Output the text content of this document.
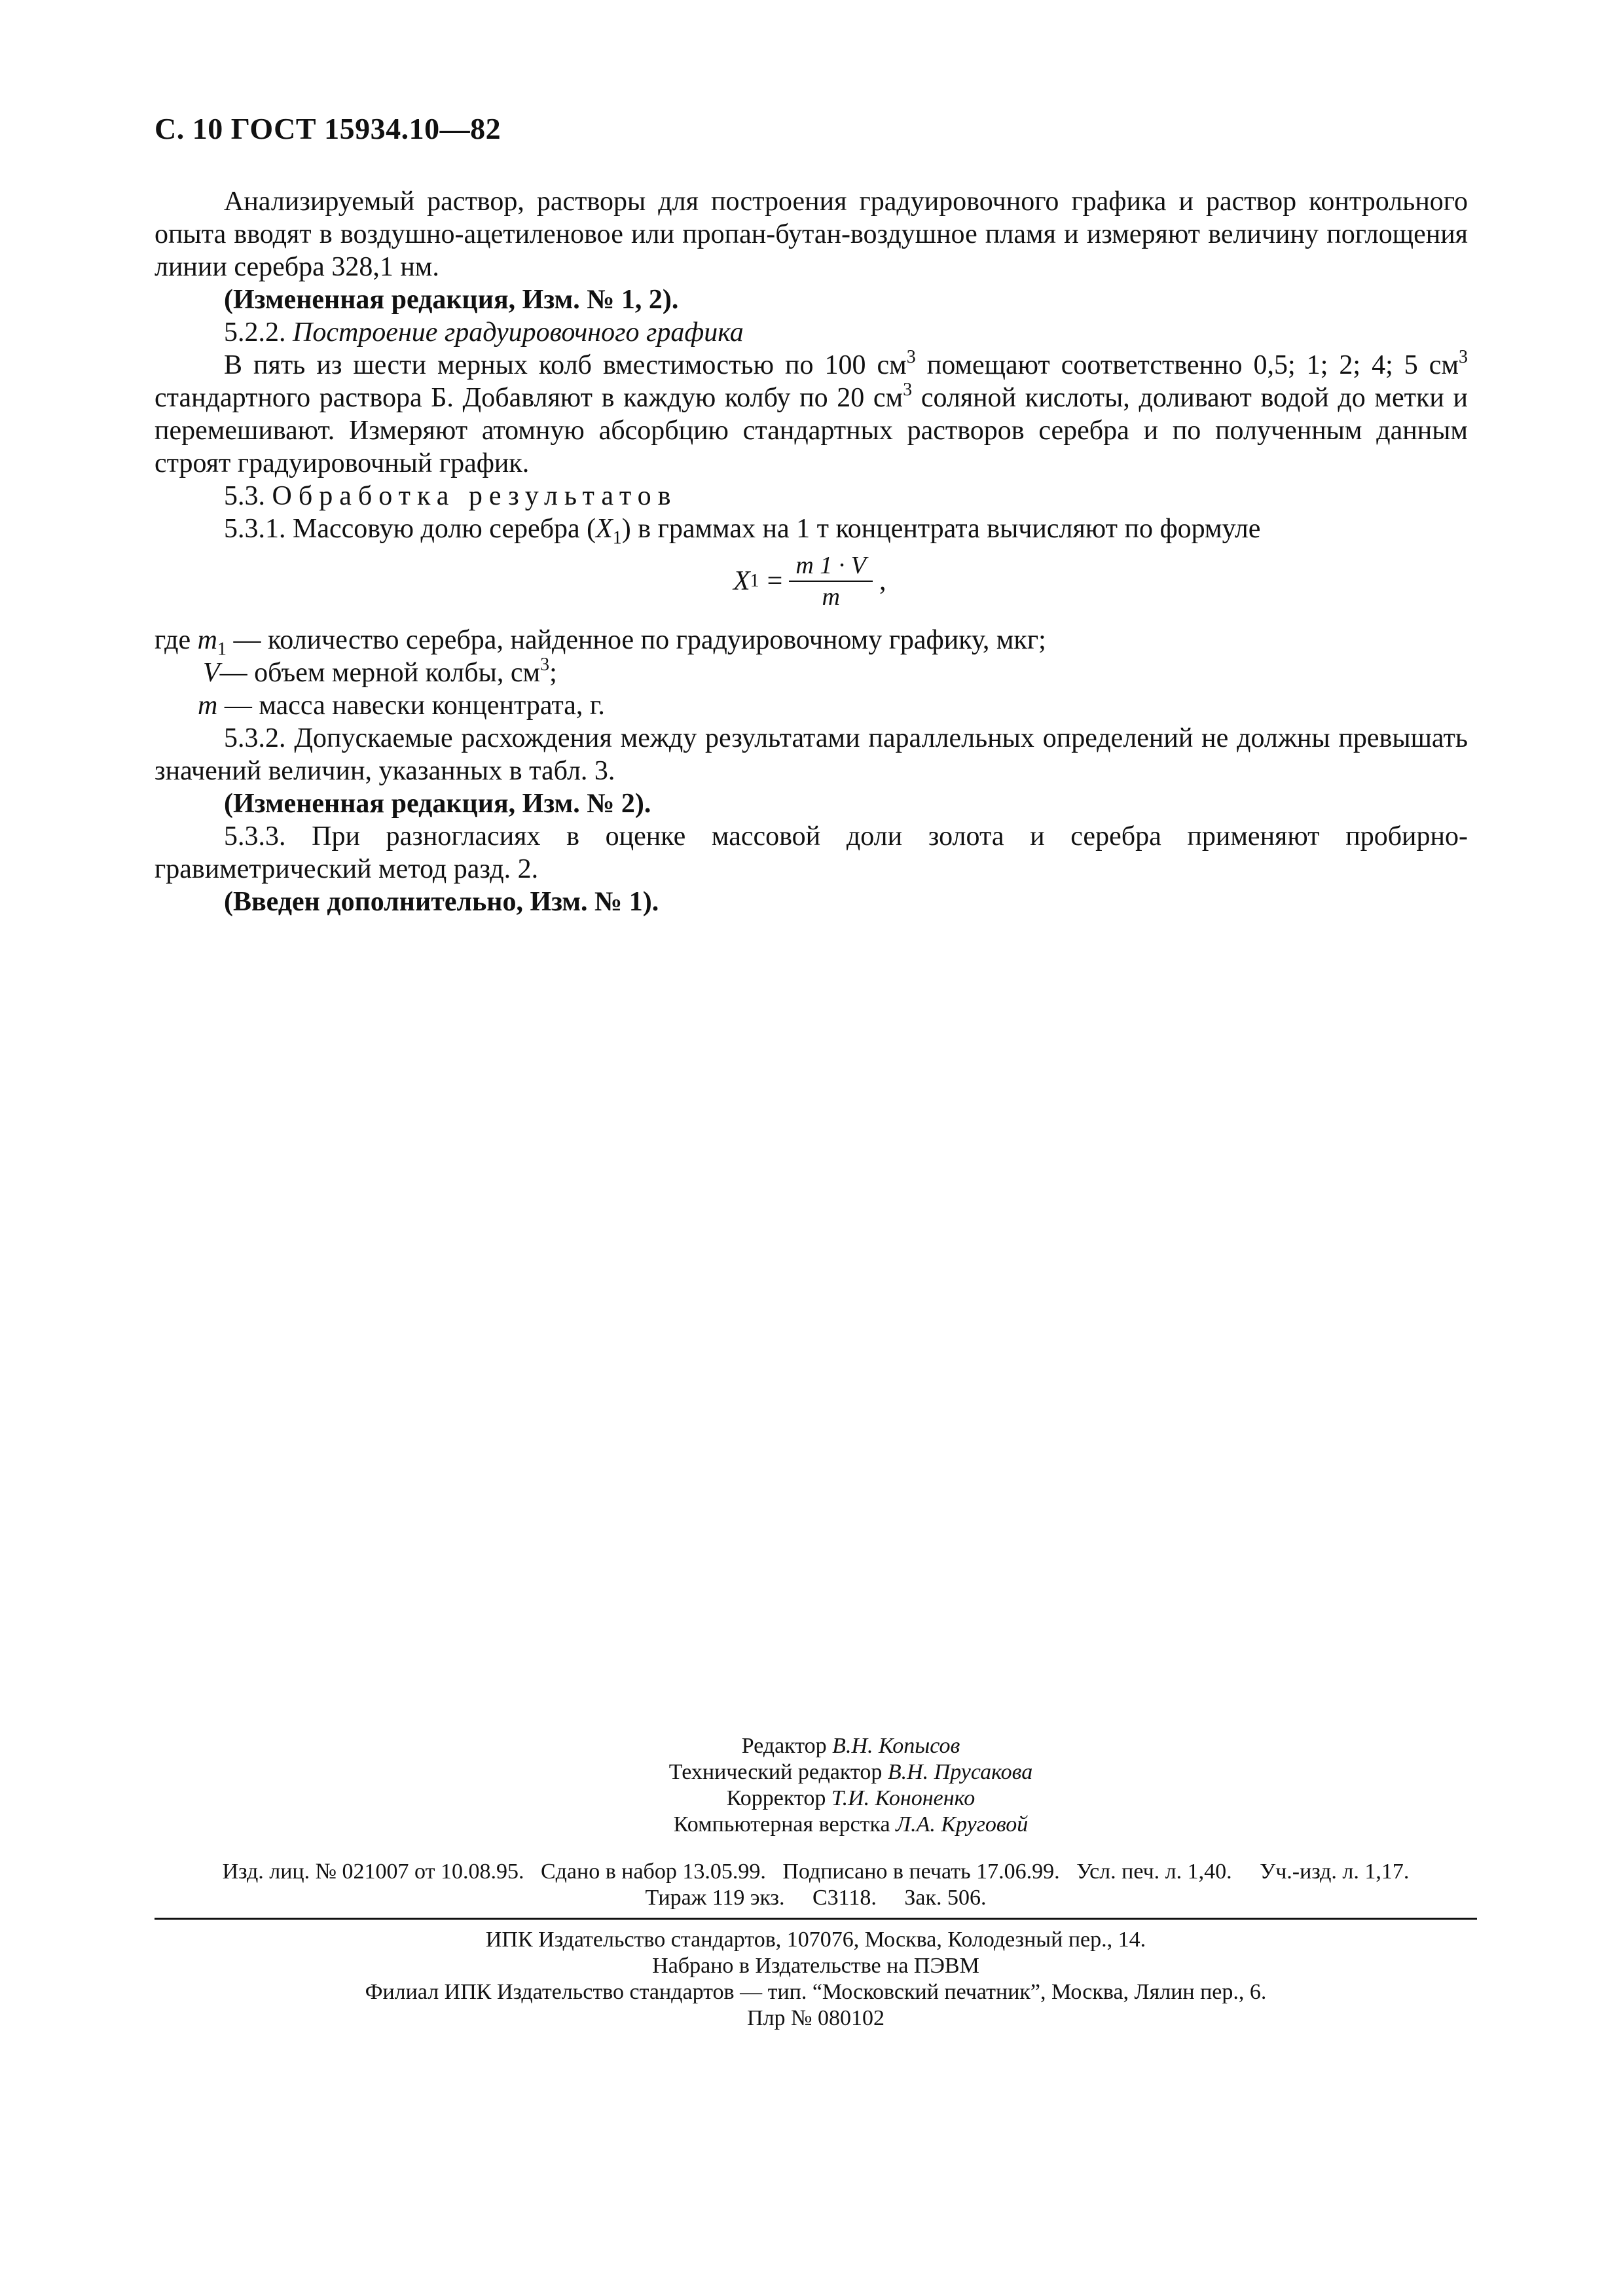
С. 10 ГОСТ 15934.10—82

Анализируемый раствор, растворы для построения градуировочного графика и раствор контрольного опыта вводят в воздушно-ацетиленовое или пропан-бутан-воздушное пламя и измеряют величину поглощения линии серебра 328,1 нм.

(Измененная редакция, Изм. № 1, 2).

5.2.2. Построение градуировочного графика

В пять из шести мерных колб вместимостью по 100 $см^3$ помещают соответственно 0,5; 1; 2; 4; 5 $см^3$ стандартного раствора Б. Добавляют в каждую колбу по 20 $см^3$ соляной кислоты, доливают водой до метки и перемешивают. Измеряют атомную абсорбцию стандартных растворов серебра и по полученным данным строят градуировочный график.

5.3. Обработка результатов

5.3.1. Массовую долю серебра $(X_1)$ в граммах на 1 т концентрата вычисляют по формуле

X $1 = \frac{m 1 \cdot V}{m}$ ,

где $m_1$ — количество серебра, найденное по градуировочному графику, мкг;

V— объем мерной колбы, $см^3$;

m — масса навески концентрата, г.

5.3.2. Допускаемые расхождения между результатами параллельных определений не должны превышать значений величин, указанных в табл. 3.

(Измененная редакция, Изм. № 2).

5.3.3. При разногласиях в оценке массовой доли золота и серебра применяют пробирно-гравиметрический метод разд. 2.

(Введен дополнительно, Изм. № 1).

Редактор В.Н. Копысов

Технический редактор В.Н. Прусакова

Корректор Т.И. Кононенко

Компьютерная верстка Л.А. Круговой

Изд. лиц. № 021007 от 10.08.95.   Сдано в набор 13.05.99.   Подписано в печать 17.06.99.   Усл. печ. л. 1,40.     Уч.-изд. л. 1,17.

Тираж 119 экз.     С3118.     Зак. 506.

ИПК Издательство стандартов, 107076, Москва, Колодезный пер., 14.

Набрано в Издательстве на ПЭВМ

Филиал ИПК Издательство стандартов — тип. “Московский печатник”, Москва, Лялин пер., 6.

Плр № 080102
